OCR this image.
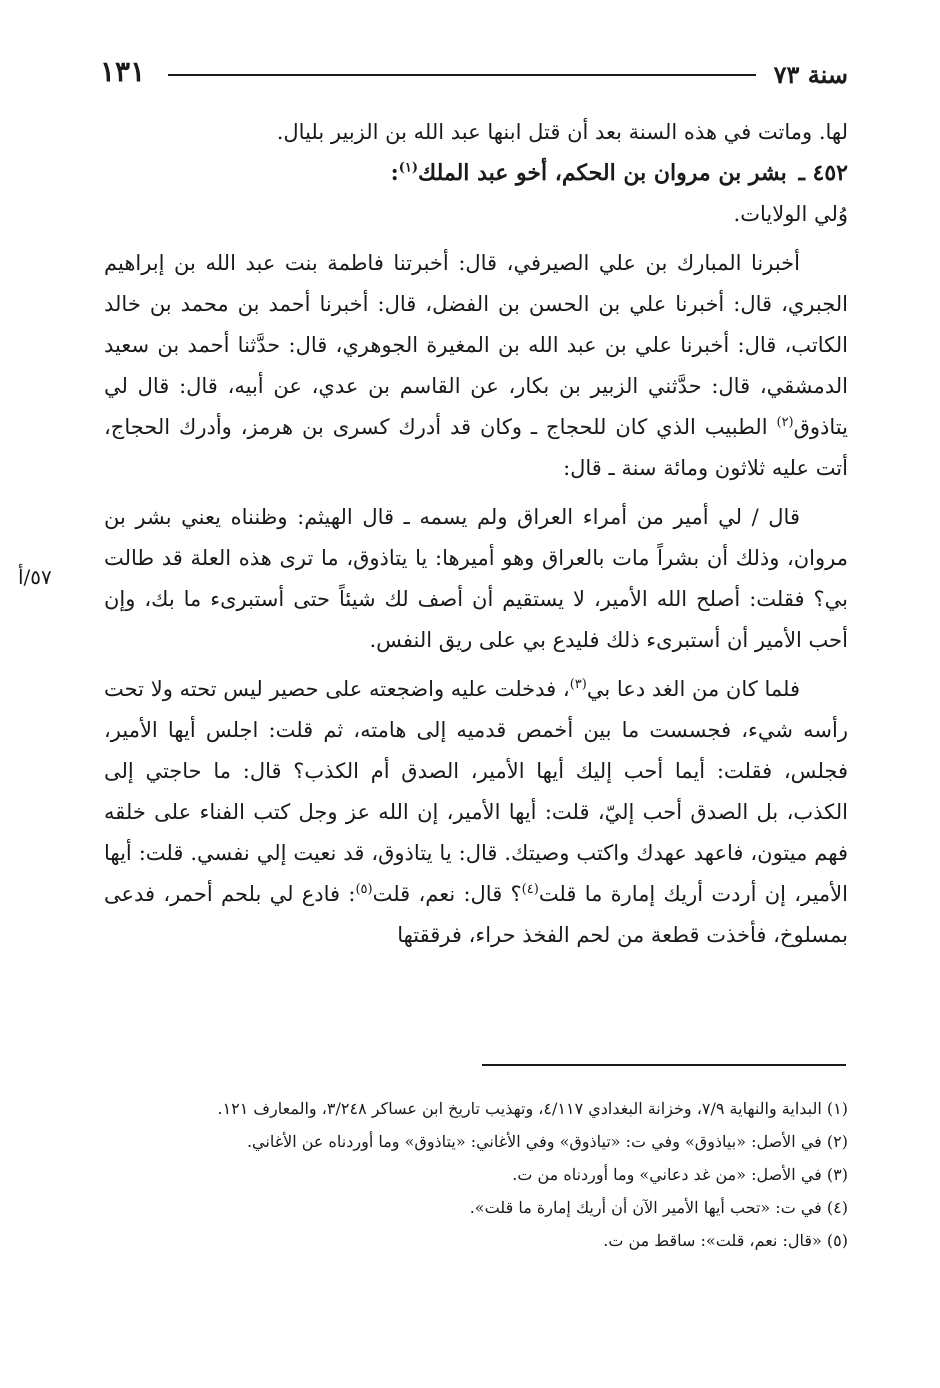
سنة ٧٣
١٣١
٥٧/أ

لها. وماتت في هذه السنة بعد أن قتل ابنها عبد الله بن الزبير بليال.

٤٥٢ ـ بشر بن مروان بن الحكم، أخو عبد الملك$^{(١)}$:

وُلي الولايات.

أخبرنا المبارك بن علي الصيرفي، قال: أخبرتنا فاطمة بنت عبد الله بن إبراهيم الجبري، قال: أخبرنا علي بن الحسن بن الفضل، قال: أخبرنا أحمد بن محمد بن خالد الكاتب، قال: أخبرنا علي بن عبد الله بن المغيرة الجوهري، قال: حدَّثنا أحمد بن سعيد الدمشقي، قال: حدَّثني الزبير بن بكار، عن القاسم بن عدي، عن أبيه، قال: قال لي يتاذوق$^{(٢)}$ الطبيب الذي كان للحجاج ـ وكان قد أدرك كسرى بن هرمز، وأدرك الحجاج، أتت عليه ثلاثون ومائة سنة ـ قال:

قال / لي أمير من أمراء العراق ولم يسمه ـ قال الهيثم: وظنناه يعني بشر بن مروان، وذلك أن بشراً مات بالعراق وهو أميرها: يا يتاذوق، ما ترى هذه العلة قد طالت بي؟ فقلت: أصلح الله الأمير، لا يستقيم أن أصف لك شيئاً حتى أستبرىء ما بك، وإن أحب الأمير أن أستبرىء ذلك فليدع بي على ريق النفس.

فلما كان من الغد دعا بي$^{(٣)}$، فدخلت عليه واضجعته على حصير ليس تحته ولا تحت رأسه شيء، فجسست ما بين أخمص قدميه إلى هامته، ثم قلت: اجلس أيها الأمير، فجلس، فقلت: أيما أحب إليك أيها الأمير، الصدق أم الكذب؟ قال: ما حاجتي إلى الكذب، بل الصدق أحب إليّ، قلت: أيها الأمير، إن الله عز وجل كتب الفناء على خلقه فهم ميتون، فاعهد عهدك واكتب وصيتك. قال: يا يتاذوق، قد نعيت إلي نفسي. قلت: أيها الأمير، إن أردت أريك إمارة ما قلت$^{(٤)}$؟ قال: نعم، قلت$^{(٥)}$: فادع لي بلحم أحمر، فدعى بمسلوخ، فأخذت قطعة من لحم الفخذ حراء، فرققتها

(١) البداية والنهاية ٧/٩، وخزانة البغدادي ٤/١١٧، وتهذيب تاريخ ابن عساكر ٣/٢٤٨، والمعارف ١٢١.

(٢) في الأصل: «بياذوق» وفي ت: «تياذوق» وفي الأغاني: «يتاذوق» وما أوردناه عن الأغاني.

(٣) في الأصل: «من غد دعاني» وما أوردناه من ت.

(٤) في ت: «تحب أيها الأمير الآن أن أريك إمارة ما قلت».

(٥) «قال: نعم، قلت»: ساقط من ت.
